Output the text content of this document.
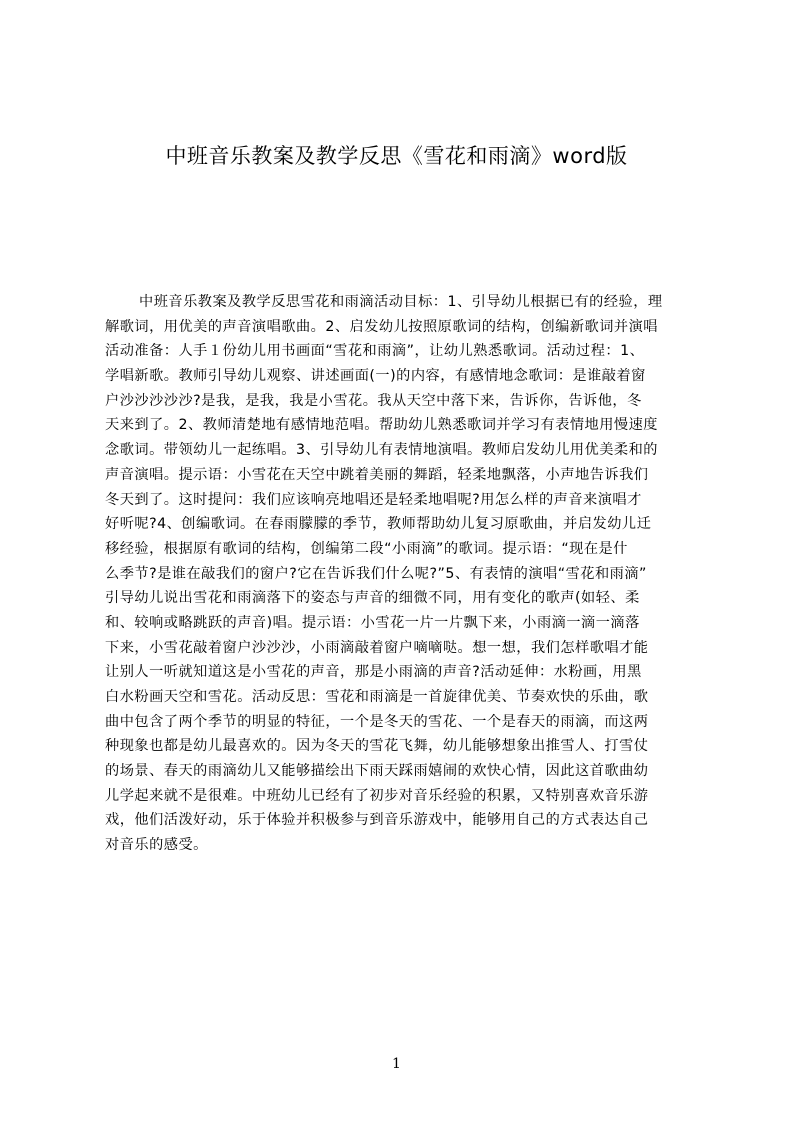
中班音乐教案及教学反思《雪花和雨滴》word版
中班音乐教案及教学反思雪花和雨滴活动目标：1、引导幼儿根据已有的经验，理
解歌词，用优美的声音演唱歌曲。2、启发幼儿按照原歌词的结构，创编新歌词并演唱
活动准备：人手１份幼儿用书画面“雪花和雨滴”，让幼儿熟悉歌词。活动过程：1、
学唱新歌。教师引导幼儿观察、讲述画面(一)的内容，有感情地念歌词：是谁敲着窗
户沙沙沙沙沙?是我，是我，我是小雪花。我从天空中落下来，告诉你，告诉他，冬
天来到了。2、教师清楚地有感情地范唱。帮助幼儿熟悉歌词并学习有表情地用慢速度
念歌词。带领幼儿一起练唱。3、引导幼儿有表情地演唱。教师启发幼儿用优美柔和的
声音演唱。提示语：小雪花在天空中跳着美丽的舞蹈，轻柔地飘落，小声地告诉我们
冬天到了。这时提问：我们应该响亮地唱还是轻柔地唱呢?用怎么样的声音来演唱才
好听呢?4、创编歌词。在春雨朦朦的季节，教师帮助幼儿复习原歌曲，并启发幼儿迁
移经验，根据原有歌词的结构，创编第二段“小雨滴”的歌词。提示语：“现在是什
么季节?是谁在敲我们的窗户?它在告诉我们什么呢?”5、有表情的演唱“雪花和雨滴”
引导幼儿说出雪花和雨滴落下的姿态与声音的细微不同，用有变化的歌声(如轻、柔
和、较响或略跳跃的声音)唱。提示语：小雪花一片一片飘下来，小雨滴一滴一滴落
下来，小雪花敲着窗户沙沙沙，小雨滴敲着窗户嘀嘀哒。想一想，我们怎样歌唱才能
让别人一听就知道这是小雪花的声音，那是小雨滴的声音?活动延伸：水粉画，用黑
白水粉画天空和雪花。活动反思：雪花和雨滴是一首旋律优美、节奏欢快的乐曲，歌
曲中包含了两个季节的明显的特征，一个是冬天的雪花、一个是春天的雨滴，而这两
种现象也都是幼儿最喜欢的。因为冬天的雪花飞舞，幼儿能够想象出推雪人、打雪仗
的场景、春天的雨滴幼儿又能够描绘出下雨天踩雨嬉闹的欢快心情，因此这首歌曲幼
儿学起来就不是很难。中班幼儿已经有了初步对音乐经验的积累，又特别喜欢音乐游
戏，他们活泼好动，乐于体验并积极参与到音乐游戏中，能够用自己的方式表达自己
对音乐的感受。
1
